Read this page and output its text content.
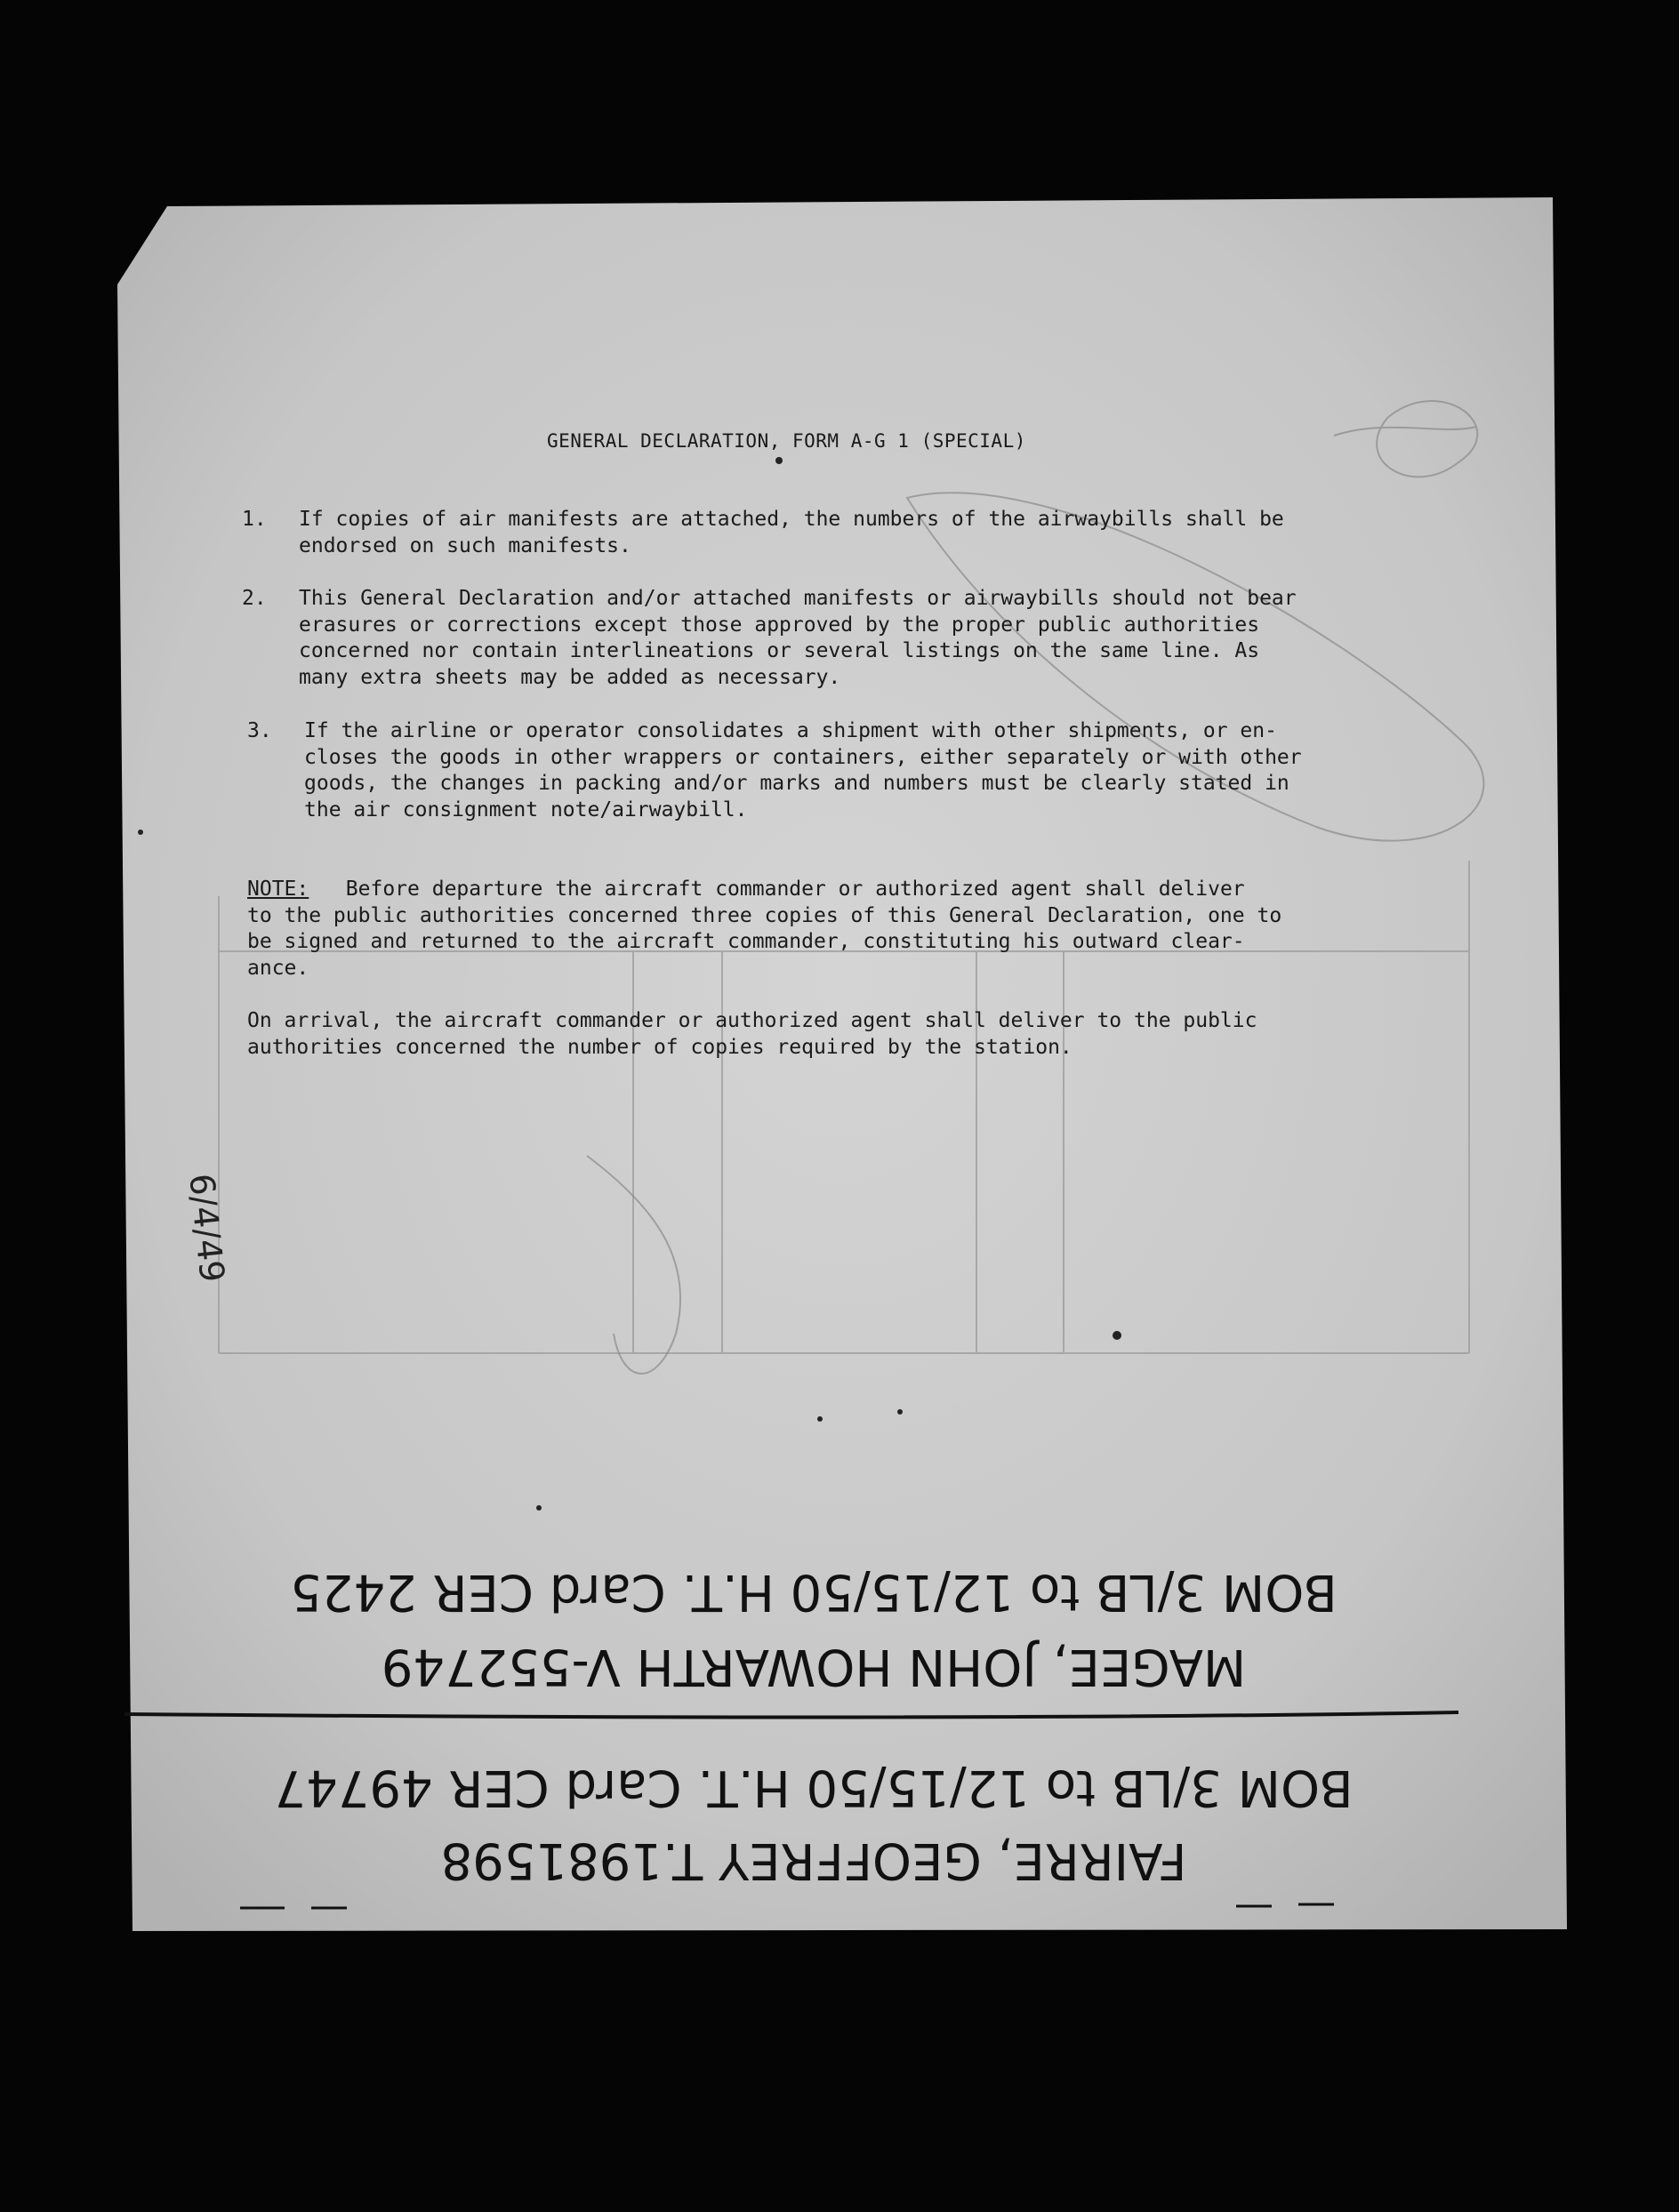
GENERAL DECLARATION, FORM A-G 1 (SPECIAL)
1. If copies of air manifests are attached, the numbers of the airwaybills shall be
endorsed on such manifests.
2. This General Declaration and/or attached manifests or airwaybills should not bear
erasures or corrections except those approved by the proper public authorities
concerned nor contain interlineations or several listings on the same line. As
many extra sheets may be added as necessary.
3. If the airline or operator consolidates a shipment with other shipments, or en-
closes the goods in other wrappers or containers, either separately or with other
goods, the changes in packing and/or marks and numbers must be clearly stated in
the air consignment note/airwaybill.
NOTE: Before departure the aircraft commander or authorized agent shall deliver
to the public authorities concerned three copies of this General Declaration, one to
be signed and returned to the aircraft commander, constituting his outward clear-
ance.
On arrival, the aircraft commander or authorized agent shall deliver to the public
authorities concerned the number of copies required by the station.
6/4/49
BOM 3/LB to 12/15/50 H.T. Card CER 2425
MAGEE, JOHN HOWARTH V-552749
BOM 3/LB to 12/15/50 H.T. Card CER 49747
FAIRRE, GEOFFREY T.1981598
